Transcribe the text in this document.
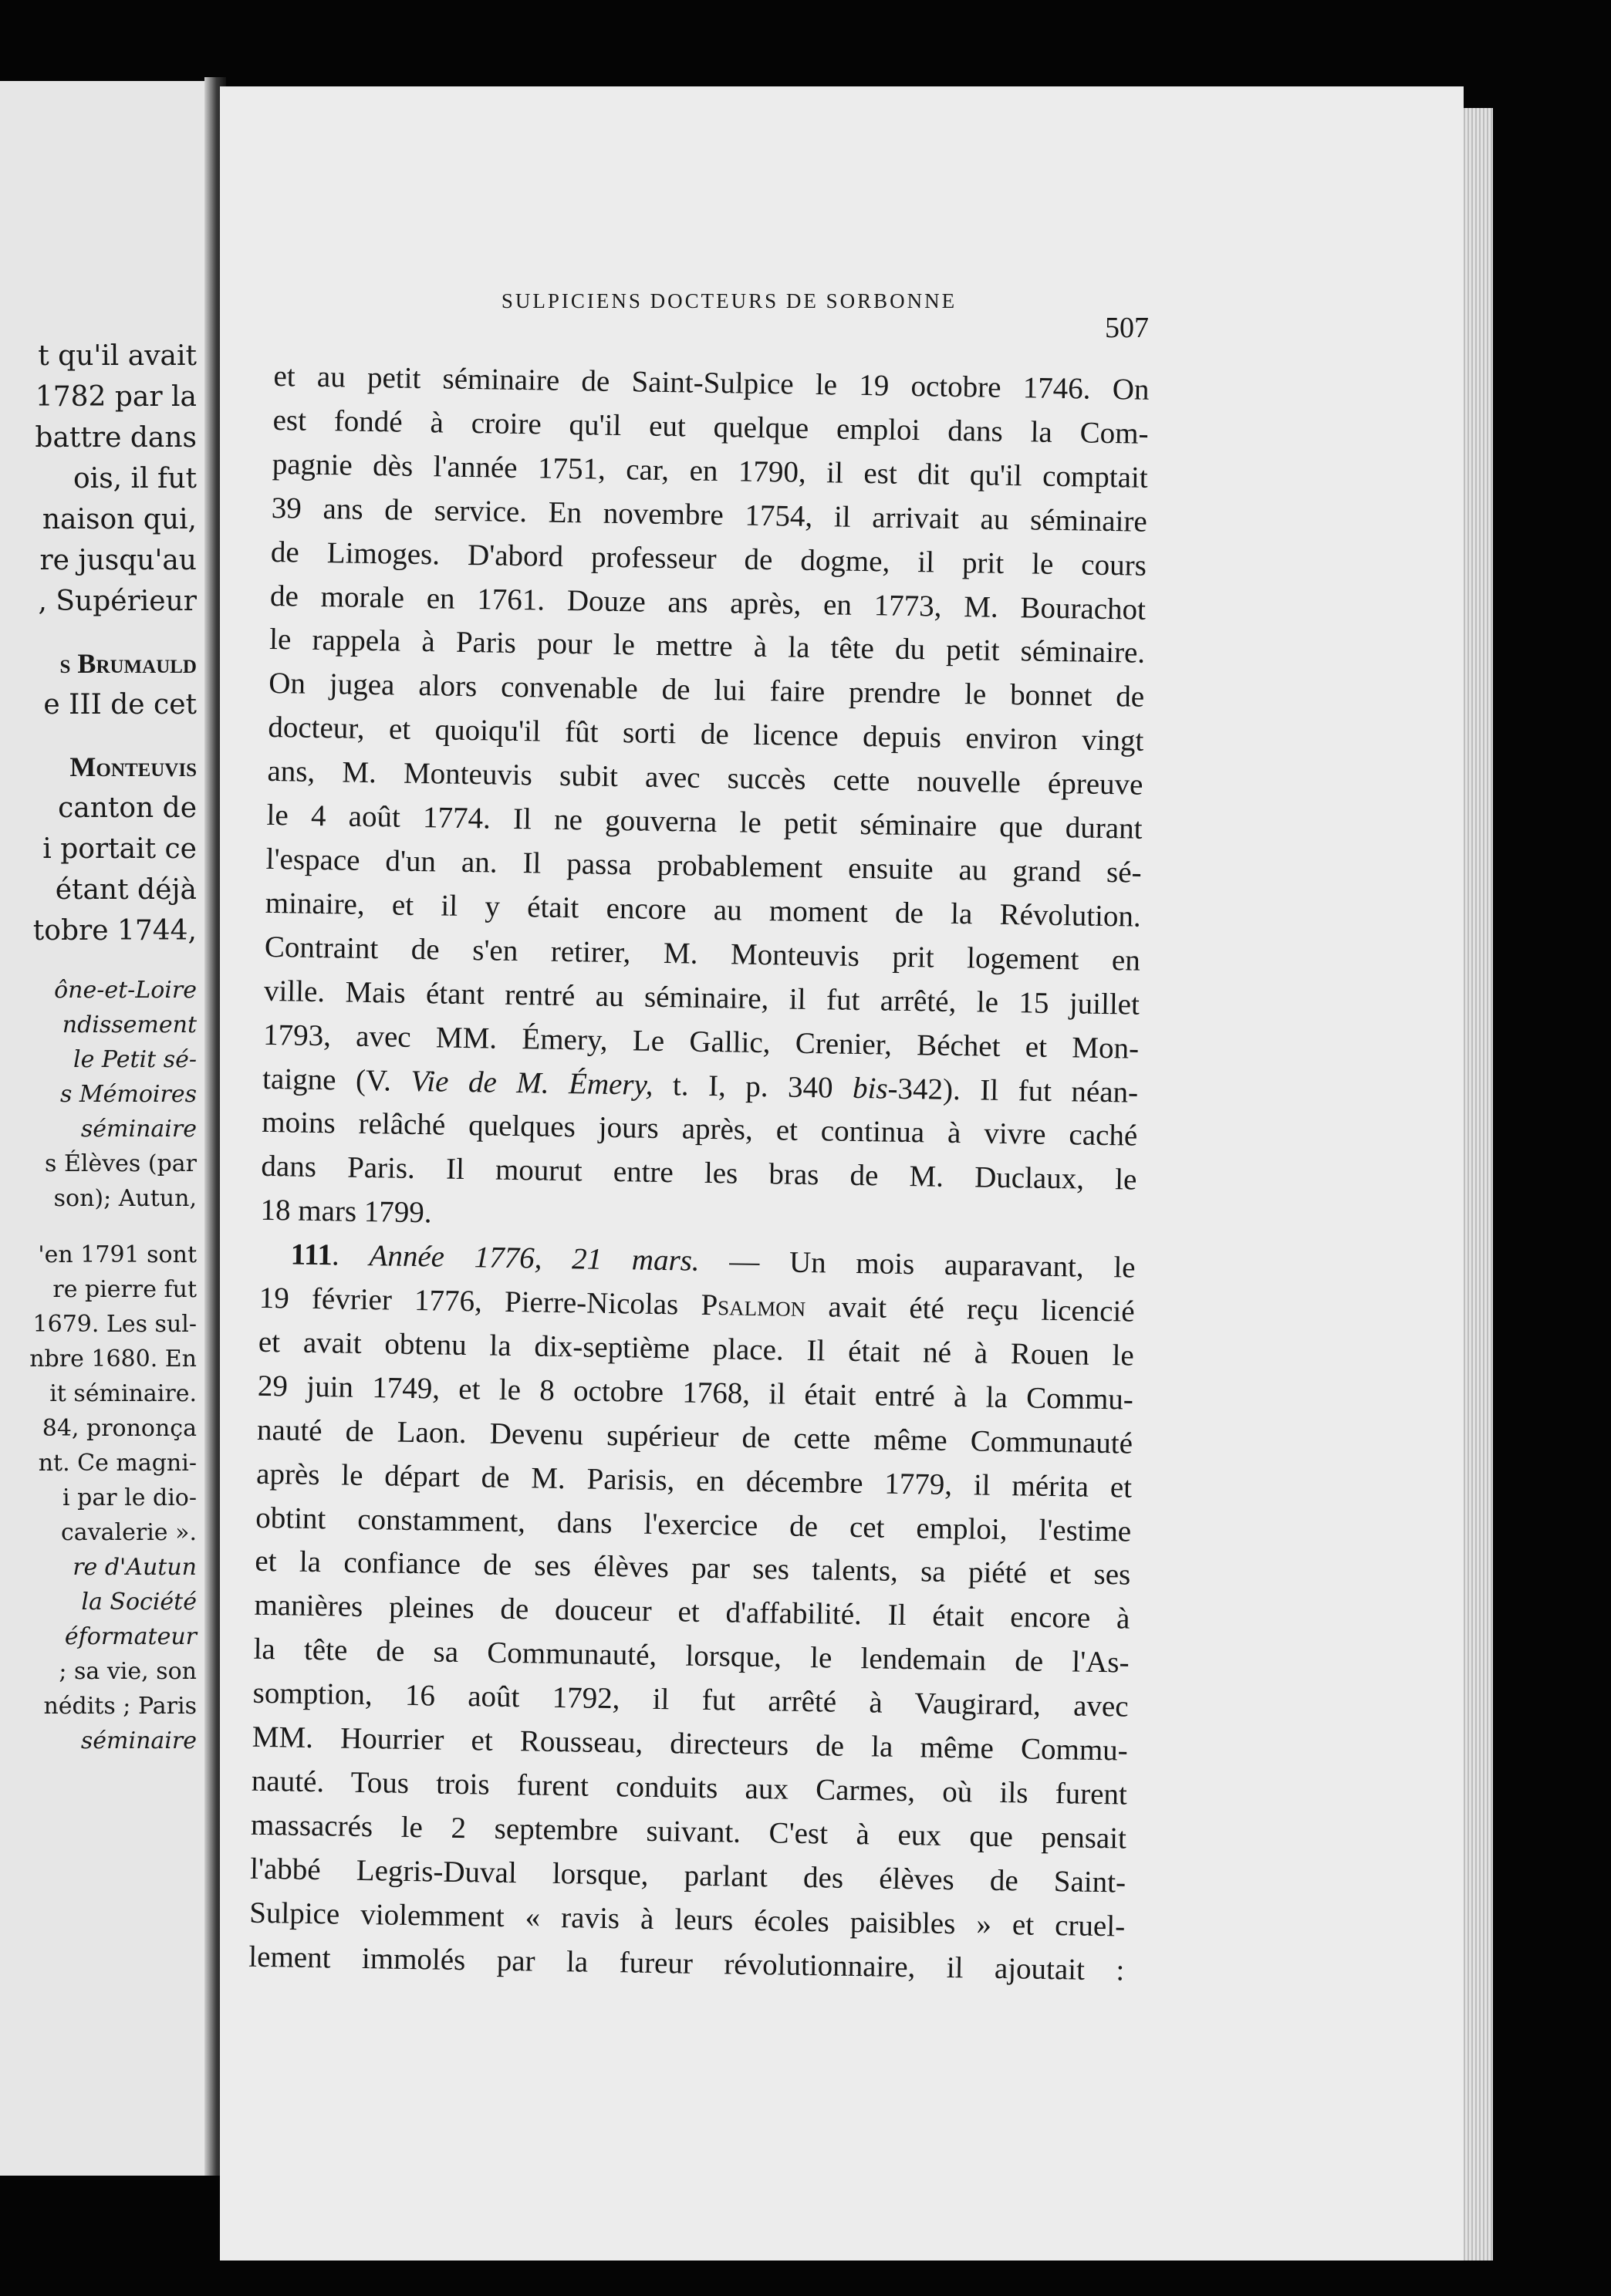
t qu'il avait
1782 par la
battre dans
ois, il fut
naison qui,
re jusqu'au
, Supérieur
s Brumauld
e III de cet
Monteuvis
canton de
i portait ce
étant déjà
tobre 1744,
ône-et-Loire
ndissement
le Petit sé-
s Mémoires
séminaire
s Élèves (par
son); Autun,
'en 1791 sont
re pierre fut
1679. Les sul-
nbre 1680. En
it séminaire.
84, prononça
nt. Ce magni-
i par le dio-
cavalerie ».
re d'Autun
la Société
éformateur
; sa vie, son
nédits ; Paris
séminaire
SULPICIENS DOCTEURS DE SORBONNE
507
et au petit séminaire de Saint-Sulpice le 19 octobre 1746. On
est fondé à croire qu'il eut quelque emploi dans la Com-
pagnie dès l'année 1751, car, en 1790, il est dit qu'il comptait
39 ans de service. En novembre 1754, il arrivait au séminaire
de Limoges. D'abord professeur de dogme, il prit le cours
de morale en 1761. Douze ans après, en 1773, M. Bourachot
le rappela à Paris pour le mettre à la tête du petit séminaire.
On jugea alors convenable de lui faire prendre le bonnet de
docteur, et quoiqu'il fût sorti de licence depuis environ vingt
ans, M. Monteuvis subit avec succès cette nouvelle épreuve
le 4 août 1774. Il ne gouverna le petit séminaire que durant
l'espace d'un an. Il passa probablement ensuite au grand sé-
minaire, et il y était encore au moment de la Révolution.
Contraint de s'en retirer, M. Monteuvis prit logement en
ville. Mais étant rentré au séminaire, il fut arrêté, le 15 juillet
1793, avec MM. Émery, Le Gallic, Crenier, Béchet et Mon-
taigne (V. Vie de M. Émery, t. I, p. 340 bis-342). Il fut néan-
moins relâché quelques jours après, et continua à vivre caché
dans Paris. Il mourut entre les bras de M. Duclaux, le
18 mars 1799.
111. Année 1776, 21 mars. — Un mois auparavant, le
19 février 1776, Pierre-Nicolas Psalmon avait été reçu licencié
et avait obtenu la dix-septième place. Il était né à Rouen le
29 juin 1749, et le 8 octobre 1768, il était entré à la Commu-
nauté de Laon. Devenu supérieur de cette même Communauté
après le départ de M. Parisis, en décembre 1779, il mérita et
obtint constamment, dans l'exercice de cet emploi, l'estime
et la confiance de ses élèves par ses talents, sa piété et ses
manières pleines de douceur et d'affabilité. Il était encore à
la tête de sa Communauté, lorsque, le lendemain de l'As-
somption, 16 août 1792, il fut arrêté à Vaugirard, avec
MM. Hourrier et Rousseau, directeurs de la même Commu-
nauté. Tous trois furent conduits aux Carmes, où ils furent
massacrés le 2 septembre suivant. C'est à eux que pensait
l'abbé Legris-Duval lorsque, parlant des élèves de Saint-
Sulpice violemment « ravis à leurs écoles paisibles » et cruel-
lement immolés par la fureur révolutionnaire, il ajoutait :
